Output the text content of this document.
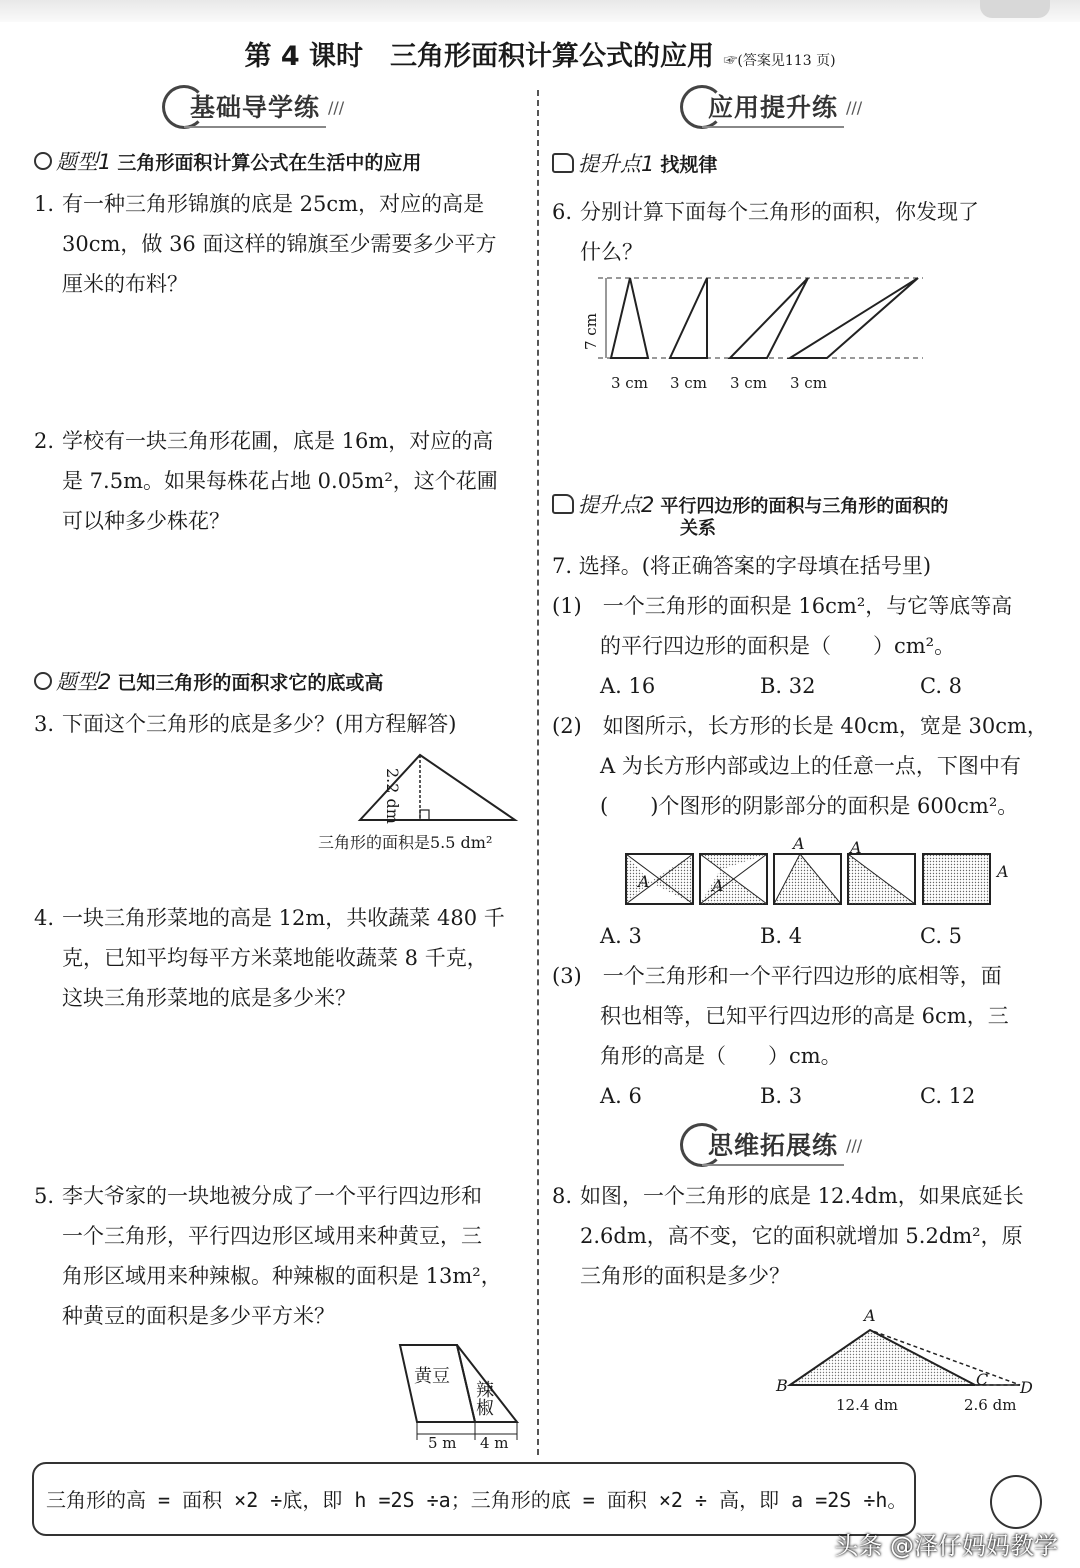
第 4 课时　三角形面积计算公式的应用 ☞(答案见113 页)
基础导学练 ///
题型1 三角形面积计算公式在生活中的应用
1. 有一种三角形锦旗的底是 25cm，对应的高是
30cm，做 36 面这样的锦旗至少需要多少平方
厘米的布料？
2. 学校有一块三角形花圃，底是 16m，对应的高
是 7.5m。如果每株花占地 0.05m²，这个花圃
可以种多少株花？
题型2 已知三角形的面积求它的底或高
3. 下面这个三角形的底是多少？(用方程解答)
2.2 dm
三角形的面积是5.5 dm²
4. 一块三角形菜地的高是 12m，共收蔬菜 480 千
克，已知平均每平方米菜地能收蔬菜 8 千克，
这块三角形菜地的底是多少米？
5. 李大爷家的一块地被分成了一个平行四边形和
一个三角形，平行四边形区域用来种黄豆，三
角形区域用来种辣椒。种辣椒的面积是 13m²，
种黄豆的面积是多少平方米？
黄豆
辣椒
5 m 4 m
应用提升练 ///
提升点1 找规律
6. 分别计算下面每个三角形的面积，你发现了
什么？
7 cm
3 cm 3 cm 3 cm 3 cm
提升点2 平行四边形的面积与三角形的面积的
关系
7. 选择。(将正确答案的字母填在括号里)
(1)　一个三角形的面积是 16cm²，与它等底等高
的平行四边形的面积是（　　）cm²。
A. 16	B. 32	C. 8
(2)　如图所示，长方形的长是 40cm，宽是 30cm，
A 为长方形内部或边上的任意一点，下图中有
(　　)个图形的阴影部分的面积是 600cm²。
A	A
A	A
A
A. 3	B. 4	C. 5
(3)　一个三角形和一个平行四边形的底相等，面
积也相等，已知平行四边形的高是 6cm，三
角形的高是（　　）cm。
A. 6	B. 3	C. 12
思维拓展练 ///
8. 如图，一个三角形的底是 12.4dm，如果底延长
2.6dm，高不变，它的面积就增加 5.2dm²，原
三角形的面积是多少？
A
B	C D
12.4 dm	2.6 dm
三角形的高 = 面积 ×2 ÷底，即 h =2S ÷a；三角形的底 = 面积 ×2 ÷ 高，即 a =2S ÷h。
头条 @泽仔妈妈教学
